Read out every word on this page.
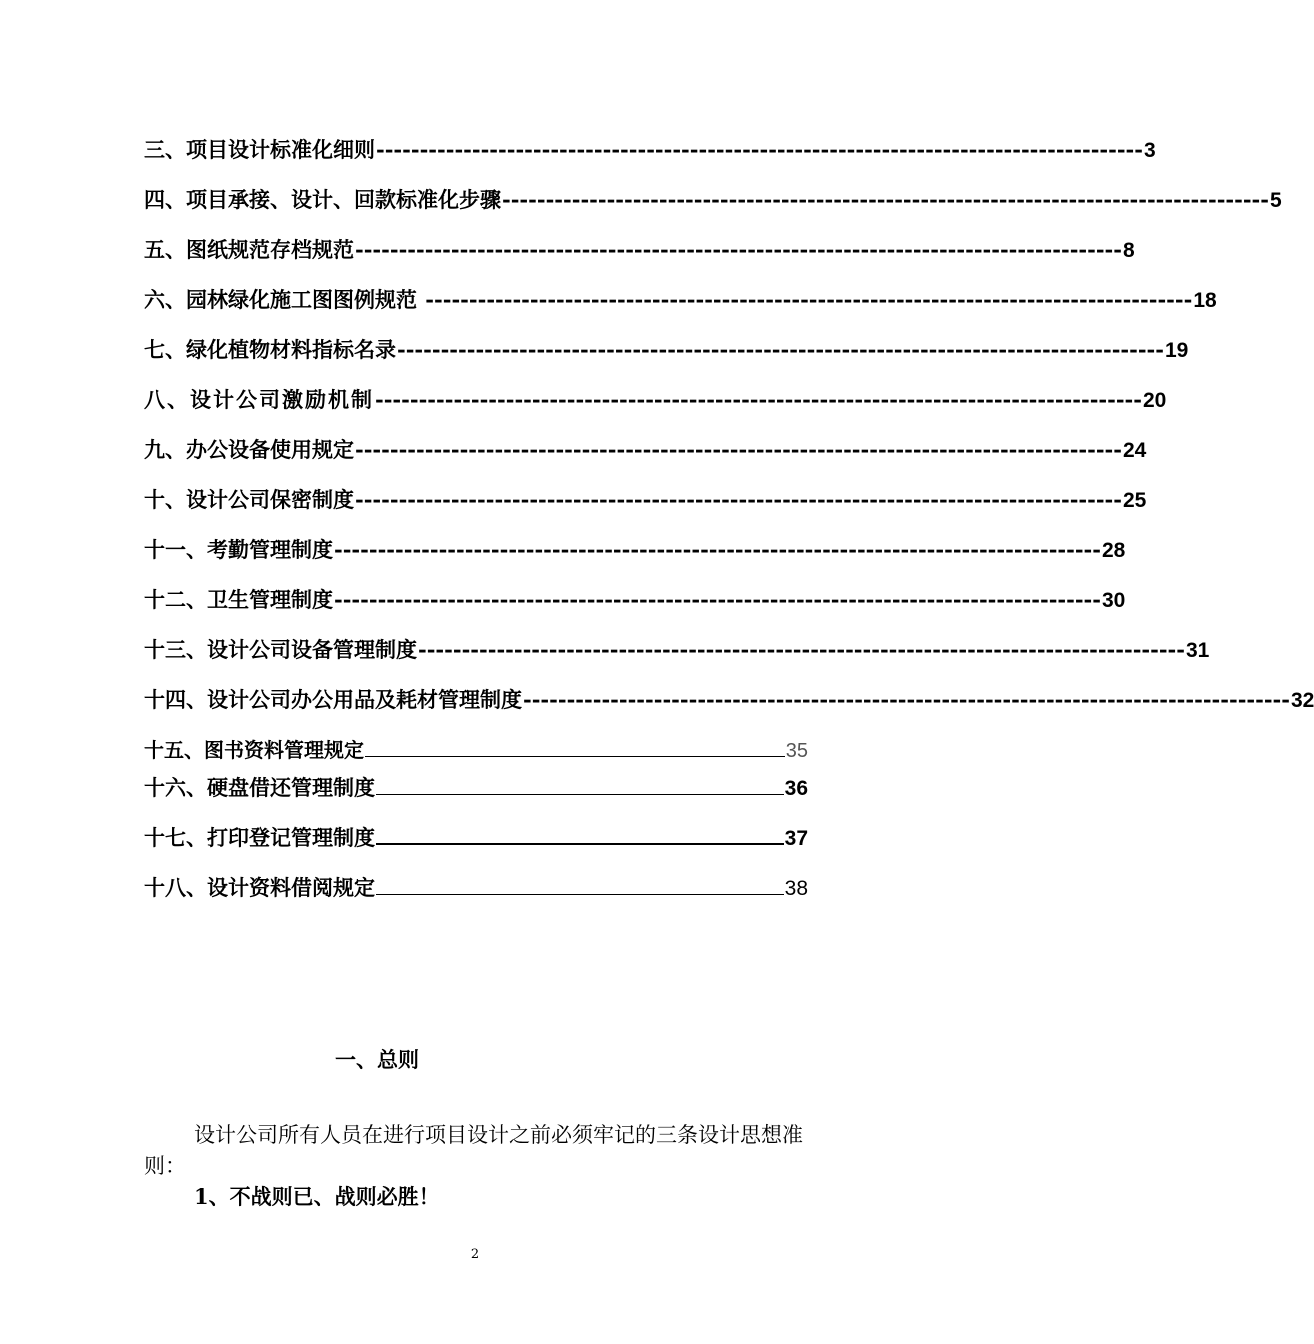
三、项目设计标准化细则 ---------------------------------------------------------------------------------------- 3
四、项目承接、设计、回款标准化步骤 ---------------------------------------------------------------------------------------- 5
五、图纸规范存档规范 ---------------------------------------------------------------------------------------- 8
六、园林绿化施工图图例规范 ---------------------------------------------------------------------------------------- 18
七、绿化植物材料指标名录 ---------------------------------------------------------------------------------------- 19
八、设计公司激励机制 ---------------------------------------------------------------------------------------- 20
九、办公设备使用规定 ---------------------------------------------------------------------------------------- 24
十、设计公司保密制度 ---------------------------------------------------------------------------------------- 25
十一、考勤管理制度 ---------------------------------------------------------------------------------------- 28
十二、卫生管理制度 ---------------------------------------------------------------------------------------- 30
十三、设计公司设备管理制度 ---------------------------------------------------------------------------------------- 31
十四、设计公司办公用品及耗材管理制度 ---------------------------------------------------------------------------------------- 32
十五、图书资料管理规定	35
十六、硬盘借还管理制度	36
十七、打印登记管理制度	37
十八、设计资料借阅规定	38
一、总则
设计公司所有人员在进行项目设计之前必须牢记的三条设计思想准则：
1、不战则已、战则必胜！
2
